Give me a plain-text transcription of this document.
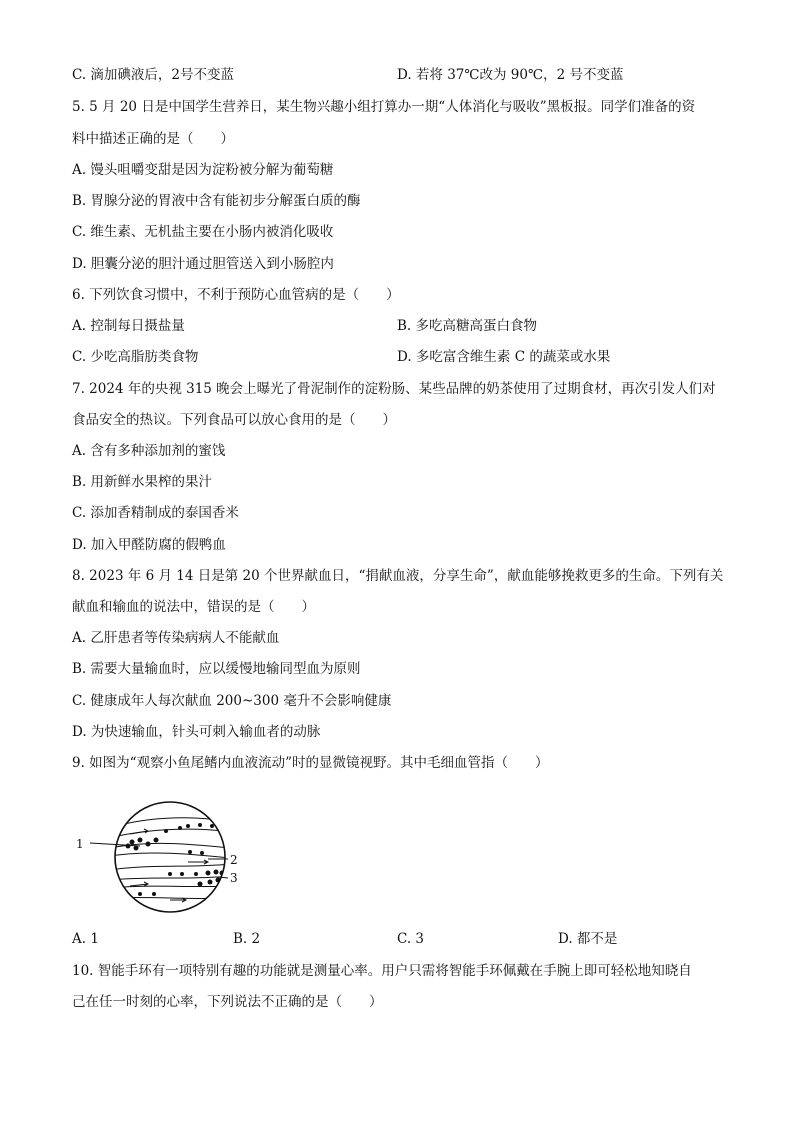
C. 滴加碘液后，2号不变蓝	D. 若将 37℃改为 90℃，2 号不变蓝
5. 5 月 20 日是中国学生营养日，某生物兴趣小组打算办一期“人体消化与吸收”黑板报。同学们准备的资
料中描述正确的是（　　）
A. 馒头咀嚼变甜是因为淀粉被分解为葡萄糖
B. 胃腺分泌的胃液中含有能初步分解蛋白质的酶
C. 维生素、无机盐主要在小肠内被消化吸收
D. 胆囊分泌的胆汁通过胆管送入到小肠腔内
6. 下列饮食习惯中，不利于预防心血管病的是（　　）
A. 控制每日摄盐量	B. 多吃高糖高蛋白食物
C. 少吃高脂肪类食物	D. 多吃富含维生素 C 的蔬菜或水果
7. 2024 年的央视 315 晚会上曝光了骨泥制作的淀粉肠、某些品牌的奶茶使用了过期食材，再次引发人们对
食品安全的热议。下列食品可以放心食用的是（　　）
A. 含有多种添加剂的蜜饯
B. 用新鲜水果榨的果汁
C. 添加香精制成的泰国香米
D. 加入甲醛防腐的假鸭血
8. 2023 年 6 月 14 日是第 20 个世界献血日，“捐献血液，分享生命”，献血能够挽救更多的生命。下列有关
献血和输血的说法中，错误的是（　　）
A. 乙肝患者等传染病病人不能献血
B. 需要大量输血时，应以缓慢地输同型血为原则
C. 健康成年人每次献血 200~300 毫升不会影响健康
D. 为快速输血，针头可刺入输血者的动脉
9. 如图为“观察小鱼尾鳍内血液流动”时的显微镜视野。其中毛细血管指（　　）
1
2
3
A. 1	B. 2	C. 3	D. 都不是
10. 智能手环有一项特别有趣的功能就是测量心率。用户只需将智能手环佩戴在手腕上即可轻松地知晓自
己在任一时刻的心率，下列说法不正确的是（　　）
